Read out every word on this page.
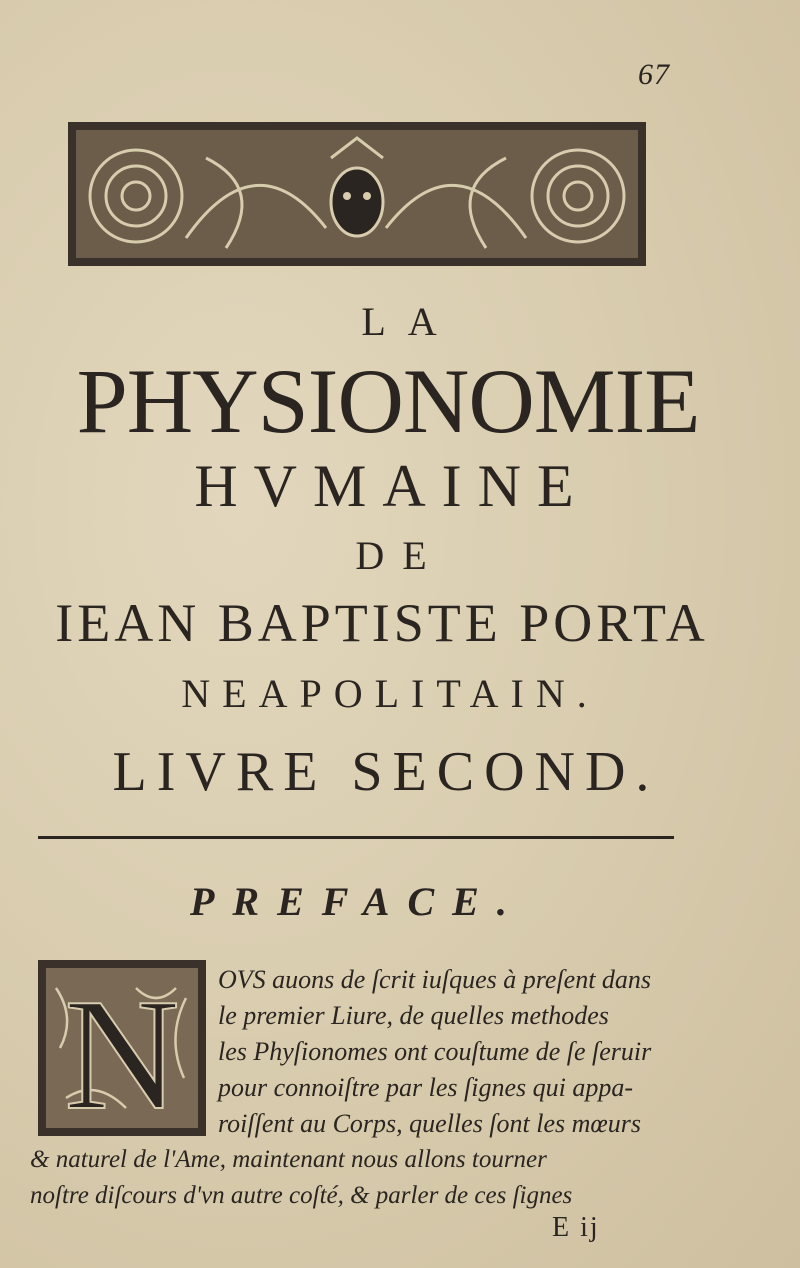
67
LA
PHYSIONOMIE
HVMAINE
DE
IEAN BAPTISTE PORTA
NEAPOLITAIN.
LIVRE SECOND.
PREFACE.
N OVS auons de ſcrit iuſques à preſent dans
le premier Liure, de quelles methodes
les Phyſionomes ont couſtume de ſe ſeruir
pour connoiſtre par les ſignes qui appa-
roiſſent au Corps, quelles ſont les mœurs
& naturel de l'Ame, maintenant nous allons tourner
noſtre diſcours d'vn autre coſté, & parler de ces ſignes
E ij
